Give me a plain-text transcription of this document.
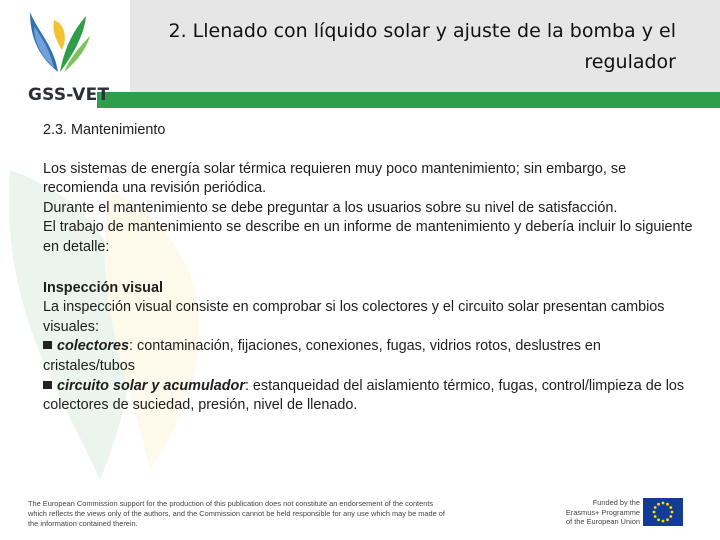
GSS-VET
2. Llenado con líquido solar y ajuste de la bomba y el
regulador

2.3. Mantenimiento

Los sistemas de energía solar térmica requieren muy poco mantenimiento; sin embargo, se recomienda una revisión periódica.

Durante el mantenimiento se debe preguntar a los usuarios sobre su nivel de satisfacción.

El trabajo de mantenimiento se describe en un informe de mantenimiento y debería incluir lo siguiente en detalle:

Inspección visual

La inspección visual consiste en comprobar si los colectores y el circuito solar presentan cambios visuales:

colectores: contaminación, fijaciones, conexiones, fugas, vidrios rotos, deslustres en cristales/tubos

circuito solar y acumulador: estanqueidad del aislamiento térmico, fugas, control/limpieza de los colectores de suciedad, presión, nivel de llenado.

The European Commission support for the production of this publication does not constitute an endorsement of the contents which reflects the views only of the authors, and the Commission cannot be held responsible for any use which may be made of the information contained therein.
Funded by the
Erasmus+ Programme
of the European Union
